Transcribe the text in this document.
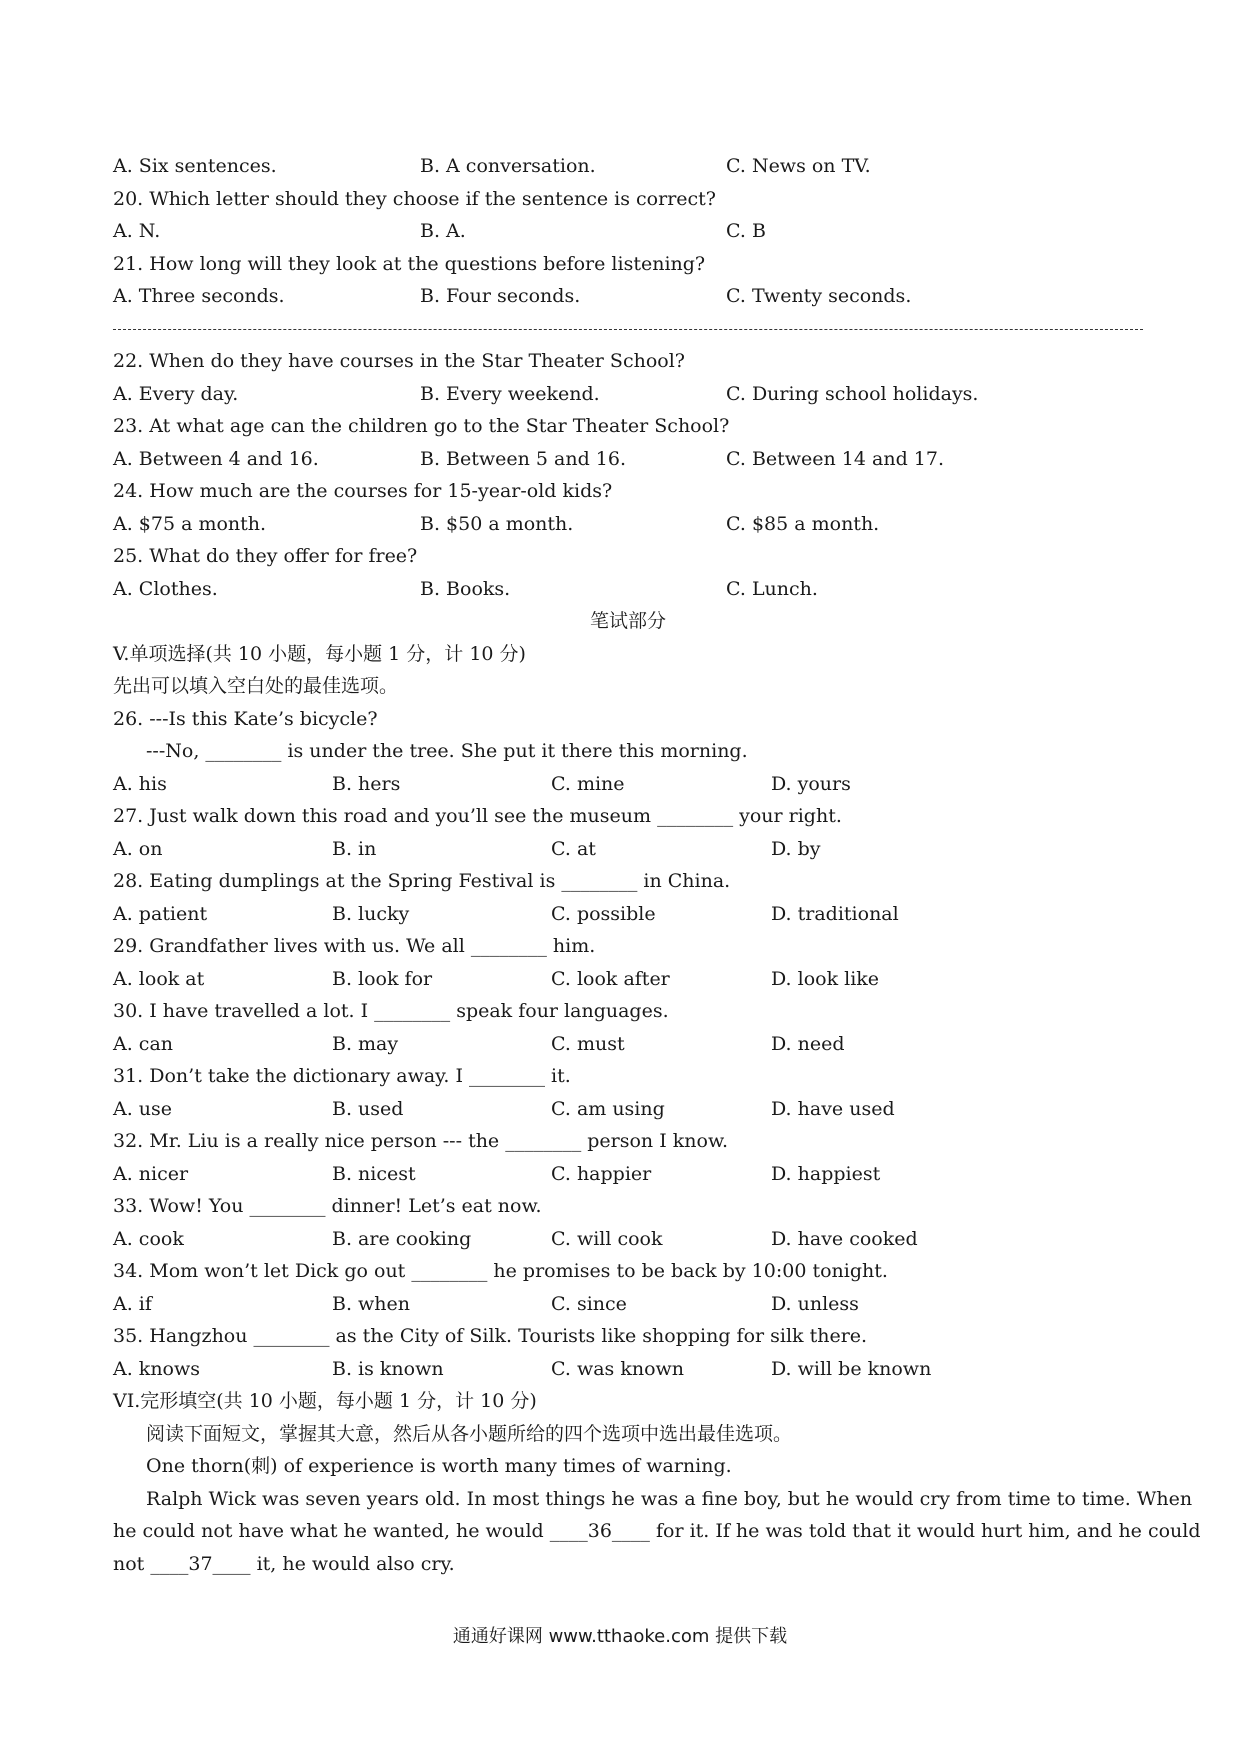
A. Six sentences.	B. A conversation.	C. News on TV.
20. Which letter should they choose if the sentence is correct?
A. N.	B. A.	C. B
21. How long will they look at the questions before listening?
A. Three seconds.	B. Four seconds.	C. Twenty seconds.
22. When do they have courses in the Star Theater School?
A. Every day.	B. Every weekend.	C. During school holidays.
23. At what age can the children go to the Star Theater School?
A. Between 4 and 16.	B. Between 5 and 16.	C. Between 14 and 17.
24. How much are the courses for 15-year-old kids?
A. $75 a month.	B. $50 a month.	C. $85 a month.
25. What do they offer for free?
A. Clothes.	B. Books.	C. Lunch.
笔试部分
V.单项选择(共 10 小题，每小题 1 分，计 10 分)
先出可以填入空白处的最佳选项。
26. ---Is this Kate’s bicycle?
---No, ________ is under the tree. She put it there this morning.
A. his	B. hers	C. mine	D. yours
27. Just walk down this road and you’ll see the museum ________ your right.
A. on	B. in	C. at	D. by
28. Eating dumplings at the Spring Festival is ________ in China.
A. patient	B. lucky	C. possible	D. traditional
29. Grandfather lives with us. We all ________ him.
A. look at	B. look for	C. look after	D. look like
30. I have travelled a lot. I ________ speak four languages.
A. can	B. may	C. must	D. need
31. Don’t take the dictionary away. I ________ it.
A. use	B. used	C. am using	D. have used
32. Mr. Liu is a really nice person --- the ________ person I know.
A. nicer	B. nicest	C. happier	D. happiest
33. Wow! You ________ dinner! Let’s eat now.
A. cook	B. are cooking	C. will cook	D. have cooked
34. Mom won’t let Dick go out ________ he promises to be back by 10:00 tonight.
A. if	B. when	C. since	D. unless
35. Hangzhou ________ as the City of Silk. Tourists like shopping for silk there.
A. knows	B. is known	C. was known	D. will be known
VI.完形填空(共 10 小题，每小题 1 分，计 10 分)
阅读下面短文，掌握其大意，然后从各小题所给的四个选项中选出最佳选项。
One thorn(刺) of experience is worth many times of warning.
Ralph Wick was seven years old. In most things he was a fine boy, but he would cry from time to time. When
he could not have what he wanted, he would ____36____ for it. If he was told that it would hurt him, and he could
not ____37____ it, he would also cry.
通通好课网 www.tthaoke.com 提供下载
